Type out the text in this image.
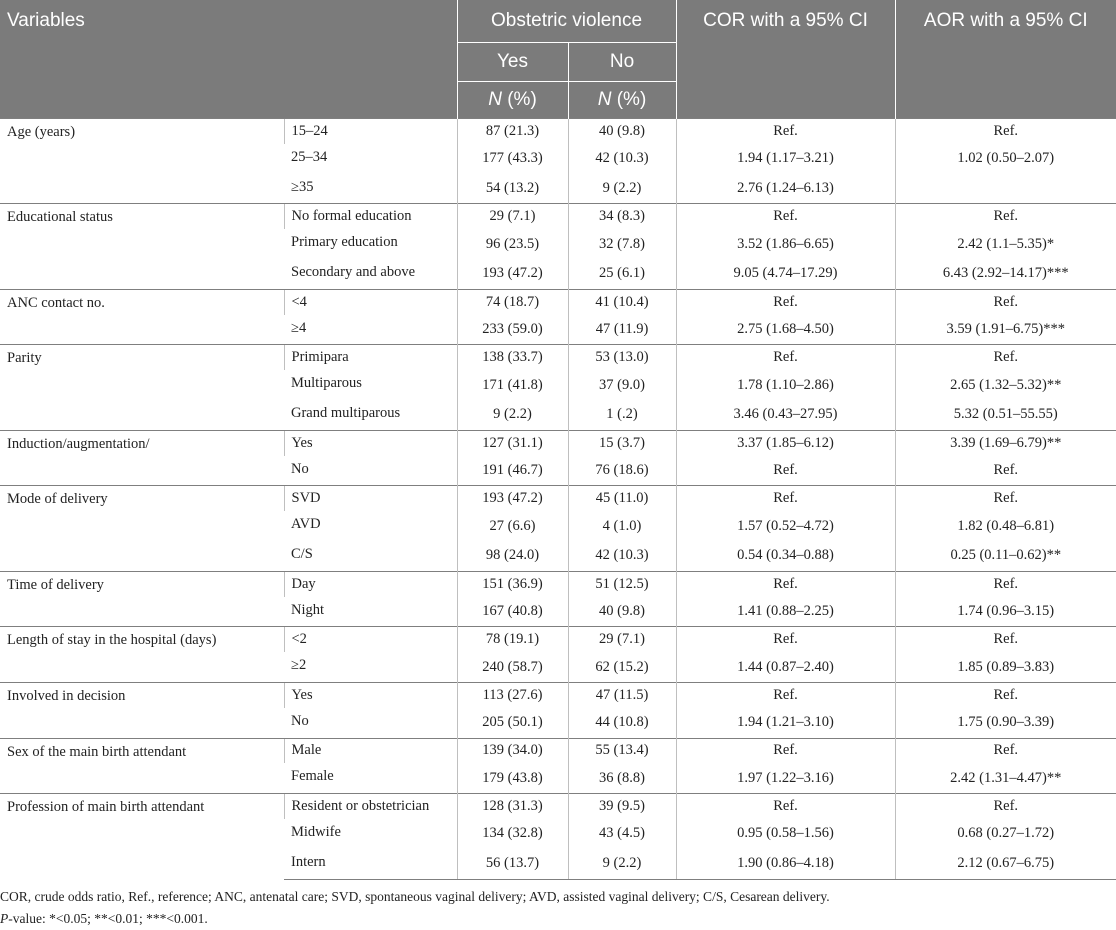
Variables		Obstetric violence		COR with a 95% CI	AOR with a 95% CI
		Yes	No		
		N (%)	N (%)		
Age (years)	15–24	87 (21.3)	40 (9.8)	Ref.	Ref.
	25–34	177 (43.3)	42 (10.3)	1.94 (1.17–3.21)	1.02 (0.50–2.07)
	≥35	54 (13.2)	9 (2.2)	2.76 (1.24–6.13)	
Educational status	No formal education	29 (7.1)	34 (8.3)	Ref.	Ref.
	Primary education	96 (23.5)	32 (7.8)	3.52 (1.86–6.65)	2.42 (1.1–5.35)*
	Secondary and above	193 (47.2)	25 (6.1)	9.05 (4.74–17.29)	6.43 (2.92–14.17)***
ANC contact no.	<4	74 (18.7)	41 (10.4)	Ref.	Ref.
	≥4	233 (59.0)	47 (11.9)	2.75 (1.68–4.50)	3.59 (1.91–6.75)***
Parity	Primipara	138 (33.7)	53 (13.0)	Ref.	Ref.
	Multiparous	171 (41.8)	37 (9.0)	1.78 (1.10–2.86)	2.65 (1.32–5.32)**
	Grand multiparous	9 (2.2)	1 (.2)	3.46 (0.43–27.95)	5.32 (0.51–55.55)
Induction/augmentation/	Yes	127 (31.1)	15 (3.7)	3.37 (1.85–6.12)	3.39 (1.69–6.79)**
	No	191 (46.7)	76 (18.6)	Ref.	Ref.
Mode of delivery	SVD	193 (47.2)	45 (11.0)	Ref.	Ref.
	AVD	27 (6.6)	4 (1.0)	1.57 (0.52–4.72)	1.82 (0.48–6.81)
	C/S	98 (24.0)	42 (10.3)	0.54 (0.34–0.88)	0.25 (0.11–0.62)**
Time of delivery	Day	151 (36.9)	51 (12.5)	Ref.	Ref.
	Night	167 (40.8)	40 (9.8)	1.41 (0.88–2.25)	1.74 (0.96–3.15)
Length of stay in the hospital (days)	<2	78 (19.1)	29 (7.1)	Ref.	Ref.
	≥2	240 (58.7)	62 (15.2)	1.44 (0.87–2.40)	1.85 (0.89–3.83)
Involved in decision	Yes	113 (27.6)	47 (11.5)	Ref.	Ref.
	No	205 (50.1)	44 (10.8)	1.94 (1.21–3.10)	1.75 (0.90–3.39)
Sex of the main birth attendant	Male	139 (34.0)	55 (13.4)	Ref.	Ref.
	Female	179 (43.8)	36 (8.8)	1.97 (1.22–3.16)	2.42 (1.31–4.47)**
Profession of main birth attendant	Resident or obstetrician	128 (31.3)	39 (9.5)	Ref.	Ref.
	Midwife	134 (32.8)	43 (4.5)	0.95 (0.58–1.56)	0.68 (0.27–1.72)
	Intern	56 (13.7)	9 (2.2)	1.90 (0.86–4.18)	2.12 (0.67–6.75)

COR, crude odds ratio, Ref., reference; ANC, antenatal care; SVD, spontaneous vaginal delivery; AVD, assisted vaginal delivery; C/S, Cesarean delivery.

P-value: *<0.05; **<0.01; ***<0.001.
